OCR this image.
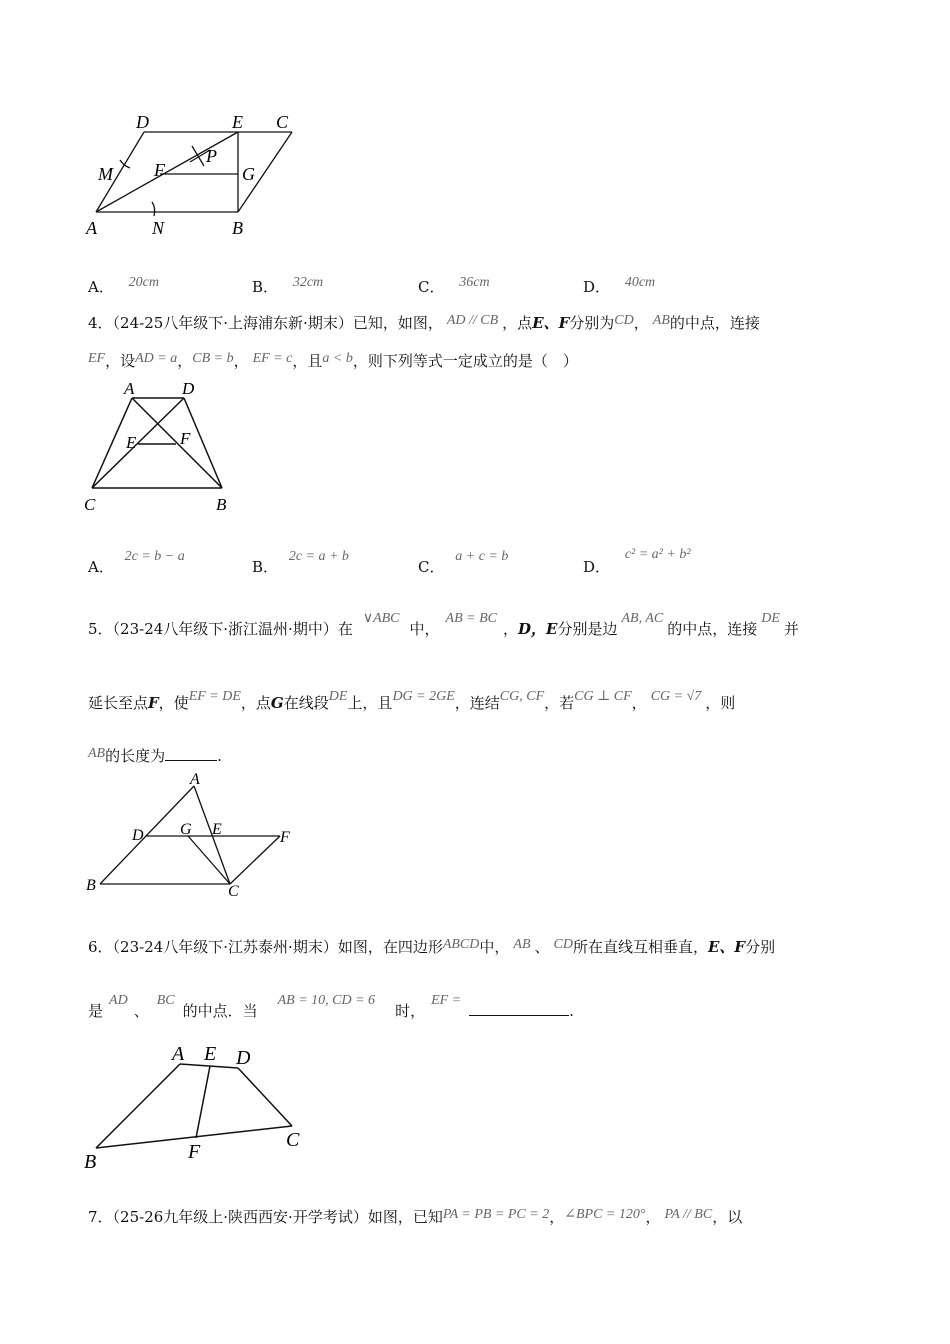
D	E C
M F
P
G
A	N	B
A． 20cm	B． 32cm	C． 36cm	D． 40cm
4．（24-25八年级下·上海浦东新·期末）已知，如图， AD // CB ，点E、F分别为CD， AB的中点，连接
EF，设AD = a，CB = b， EF = c，且a < b，则下列等式一定成立的是（　）
A	D
E	F
C	B
A． 2c = b − a
B． 2c = a + b
C． a + c = b
D． c² = a² + b²
5．（23-24八年级下·浙江温州·期中）在∨ABC中，AB = BC，D，E分别是边AB, AC的中点，连接DE并
延长至点F，使EF = DE，点G在线段DE上，且DG = 2GE，连结CG, CF，若CG ⊥ CF， CG = √7 ，则
AB的长度为	.
A
D G E	F
B	C
6．（23-24八年级下·江苏泰州·期末）如图，在四边形ABCD中， AB 、 CD所在直线互相垂直，E、F分别
是AD、BC的中点．当AB = 10, CD = 6时，EF =.
A E D
B	F
C
7．（25-26九年级上·陕西西安·开学考试）如图，已知PA = PB = PC = 2，∠BPC = 120°， PA // BC，以
